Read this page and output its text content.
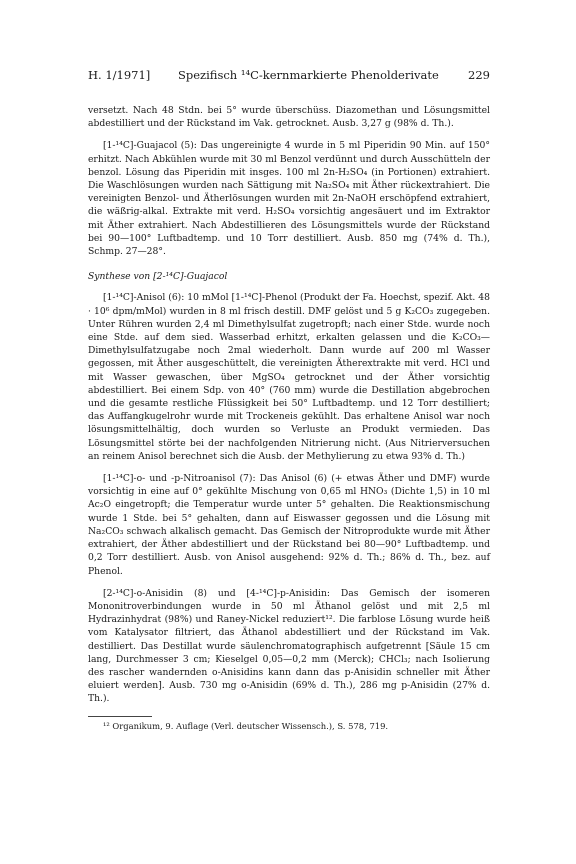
H. 1/1971] Spezifisch ¹⁴C-kernmarkierte Phenolderivate	229

versetzt. Nach 48 Stdn. bei 5° wurde überschüss. Diazomethan und Lösungsmittel abdestilliert und der Rückstand im Vak. getrocknet. Ausb. 3,27 g (98% d. Th.).

[1-¹⁴C]-Guajacol (5): Das ungereinigte 4 wurde in 5 ml Piperidin 90 Min. auf 150° erhitzt. Nach Abkühlen wurde mit 30 ml Benzol verdünnt und durch Ausschütteln der benzol. Lösung das Piperidin mit insges. 100 ml 2n-H₂SO₄ (in Portionen) extrahiert. Die Waschlösungen wurden nach Sättigung mit Na₂SO₄ mit Äther rückextrahiert. Die vereinigten Benzol- und Ätherlösungen wurden mit 2n-NaOH erschöpfend extrahiert, die wäßrig-alkal. Extrakte mit verd. H₂SO₄ vorsichtig angesäuert und im Extraktor mit Äther extrahiert. Nach Abdestillieren des Lösungsmittels wurde der Rückstand bei 90—100° Luftbadtemp. und 10 Torr destilliert. Ausb. 850 mg (74% d. Th.), Schmp. 27—28°.

Synthese von [2-¹⁴C]-Guajacol

[1-¹⁴C]-Anisol (6): 10 mMol [1-¹⁴C]-Phenol (Produkt der Fa. Hoechst, spezif. Akt. 48 · 10⁶ dpm/mMol) wurden in 8 ml frisch destill. DMF gelöst und 5 g K₂CO₃ zugegeben. Unter Rühren wurden 2,4 ml Dimethylsulfat zugetropft; nach einer Stde. wurde noch eine Stde. auf dem sied. Wasserbad erhitzt, erkalten gelassen und die K₂CO₃—Dimethylsulfatzugabe noch 2mal wiederholt. Dann wurde auf 200 ml Wasser gegossen, mit Äther ausgeschüttelt, die vereinigten Ätherextrakte mit verd. HCl und mit Wasser gewaschen, über MgSO₄ getrocknet und der Äther vorsichtig abdestilliert. Bei einem Sdp. von 40° (760 mm) wurde die Destillation abgebrochen und die gesamte restliche Flüssigkeit bei 50° Luftbadtemp. und 12 Torr destilliert; das Auffangkugelrohr wurde mit Trockeneis gekühlt. Das erhaltene Anisol war noch lösungsmittelhältig, doch wurden so Verluste an Produkt vermieden. Das Lösungsmittel störte bei der nachfolgenden Nitrierung nicht. (Aus Nitrierversuchen an reinem Anisol berechnet sich die Ausb. der Methylierung zu etwa 93% d. Th.)

[1-¹⁴C]-o- und -p-Nitroanisol (7): Das Anisol (6) (+ etwas Äther und DMF) wurde vorsichtig in eine auf 0° gekühlte Mischung von 0,65 ml HNO₃ (Dichte 1,5) in 10 ml Ac₂O eingetropft; die Temperatur wurde unter 5° gehalten. Die Reaktionsmischung wurde 1 Stde. bei 5° gehalten, dann auf Eiswasser gegossen und die Lösung mit Na₂CO₃ schwach alkalisch gemacht. Das Gemisch der Nitroprodukte wurde mit Äther extrahiert, der Äther abdestilliert und der Rückstand bei 80—90° Luftbadtemp. und 0,2 Torr destilliert. Ausb. von Anisol ausgehend: 92% d. Th.; 86% d. Th., bez. auf Phenol.

[2-¹⁴C]-o-Anisidin (8) und [4-¹⁴C]-p-Anisidin: Das Gemisch der isomeren Mononitroverbindungen wurde in 50 ml Äthanol gelöst und mit 2,5 ml Hydrazinhydrat (98%) und Raney-Nickel reduziert¹². Die farblose Lösung wurde heiß vom Katalysator filtriert, das Äthanol abdestilliert und der Rückstand im Vak. destilliert. Das Destillat wurde säulenchromatographisch aufgetrennt [Säule 15 cm lang, Durchmesser 3 cm; Kieselgel 0,05—0,2 mm (Merck); CHCl₃; nach Isolierung des rascher wandernden o-Anisidins kann dann das p-Anisidin schneller mit Äther eluiert werden]. Ausb. 730 mg o-Anisidin (69% d. Th.), 286 mg p-Anisidin (27% d. Th.).

¹² Organikum, 9. Auflage (Verl. deutscher Wissensch.), S. 578, 719.
